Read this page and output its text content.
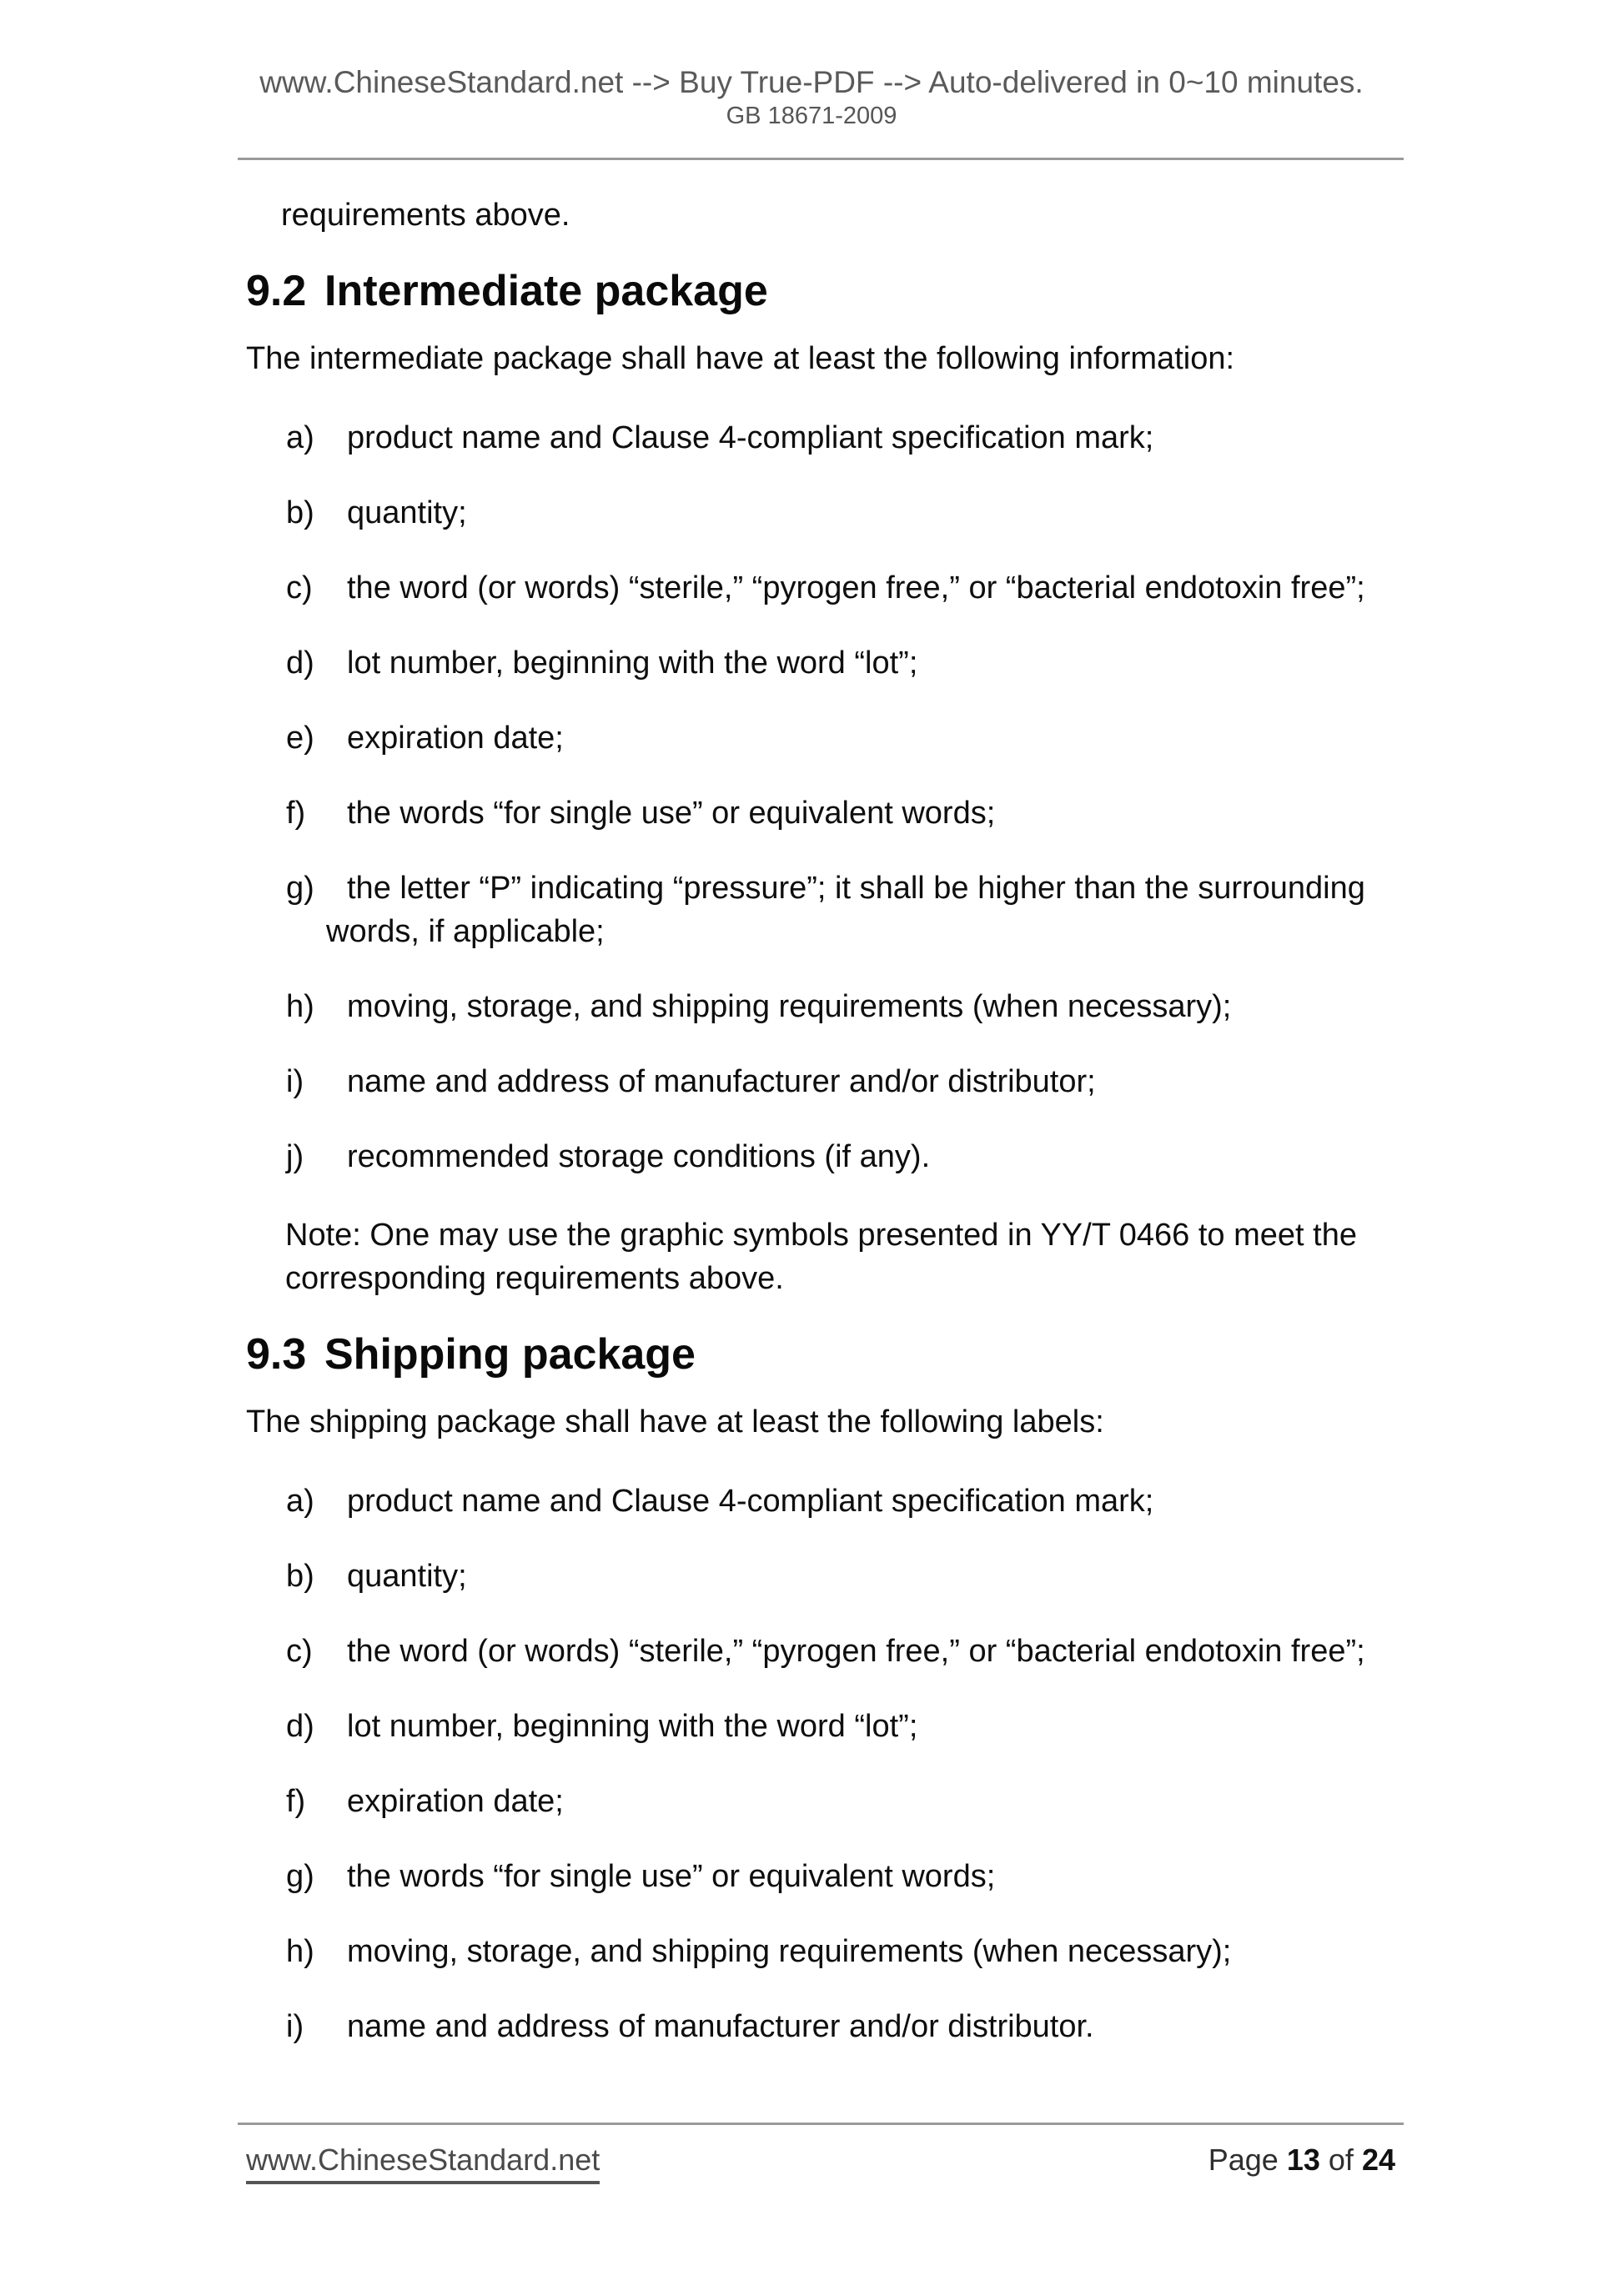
www.ChineseStandard.net --> Buy True-PDF --> Auto-delivered in 0~10 minutes.
GB 18671-2009
requirements above.
9.2 Intermediate package
The intermediate package shall have at least the following information:
a) product name and Clause 4-compliant specification mark;
b) quantity;
c) the word (or words) “sterile,” “pyrogen free,” or “bacterial endotoxin free”;
d) lot number, beginning with the word “lot”;
e) expiration date;
f) the words “for single use” or equivalent words;
g) the letter “P” indicating “pressure”; it shall be higher than the surrounding words, if applicable;
h) moving, storage, and shipping requirements (when necessary);
i) name and address of manufacturer and/or distributor;
j) recommended storage conditions (if any).
Note: One may use the graphic symbols presented in YY/T 0466 to meet the corresponding requirements above.
9.3 Shipping package
The shipping package shall have at least the following labels:
a) product name and Clause 4-compliant specification mark;
b) quantity;
c) the word (or words) “sterile,” “pyrogen free,” or “bacterial endotoxin free”;
d) lot number, beginning with the word “lot”;
f) expiration date;
g) the words “for single use” or equivalent words;
h) moving, storage, and shipping requirements (when necessary);
i) name and address of manufacturer and/or distributor.
www.ChineseStandard.net	Page 13 of 24
